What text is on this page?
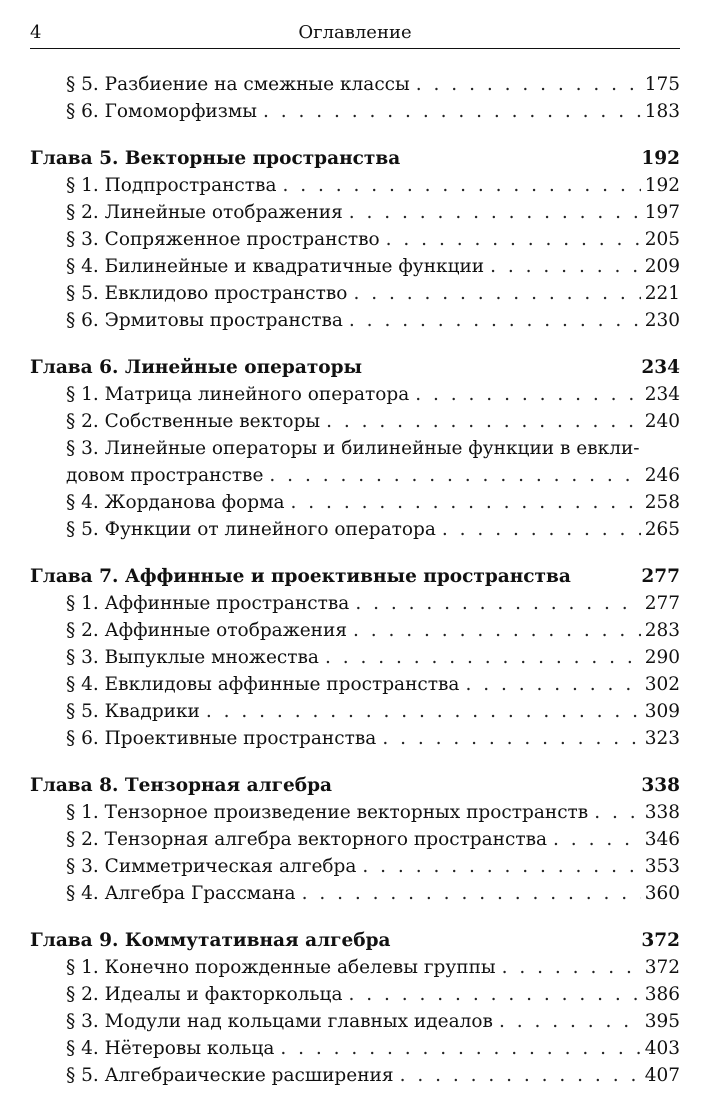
4	Оглавление
§ 5. Разбиение на смежные классы . . .	175
§ 6. Гомоморфизмы . . .	183
Глава 5. Векторные пространства	192
§ 1. Подпространства . . .	192
§ 2. Линейные отображения . . .	197
§ 3. Сопряженное пространство . . .	205
§ 4. Билинейные и квадратичные функции . . .	209
§ 5. Евклидово пространство . . .	221
§ 6. Эрмитовы пространства . . .	230
Глава 6. Линейные операторы	234
§ 1. Матрица линейного оператора . . .	234
§ 2. Собственные векторы . . .	240
§ 3. Линейные операторы и билинейные функции в евкли-
довом пространстве . . .	246
§ 4. Жорданова форма . . .	258
§ 5. Функции от линейного оператора . . .	265
Глава 7. Аффинные и проективные пространства	277
§ 1. Аффинные пространства . . .	277
§ 2. Аффинные отображения . . .	283
§ 3. Выпуклые множества . . .	290
§ 4. Евклидовы аффинные пространства . . .	302
§ 5. Квадрики . . .	309
§ 6. Проективные пространства . . .	323
Глава 8. Тензорная алгебра	338
§ 1. Тензорное произведение векторных пространств . . .	338
§ 2. Тензорная алгебра векторного пространства . . .	346
§ 3. Симметрическая алгебра . . .	353
§ 4. Алгебра Грассмана . . .	360
Глава 9. Коммутативная алгебра	372
§ 1. Конечно порожденные абелевы группы . . .	372
§ 2. Идеалы и факторкольца . . .	386
§ 3. Модули над кольцами главных идеалов . . .	395
§ 4. Нётеровы кольца . . .	403
§ 5. Алгебраические расширения . . .	407
